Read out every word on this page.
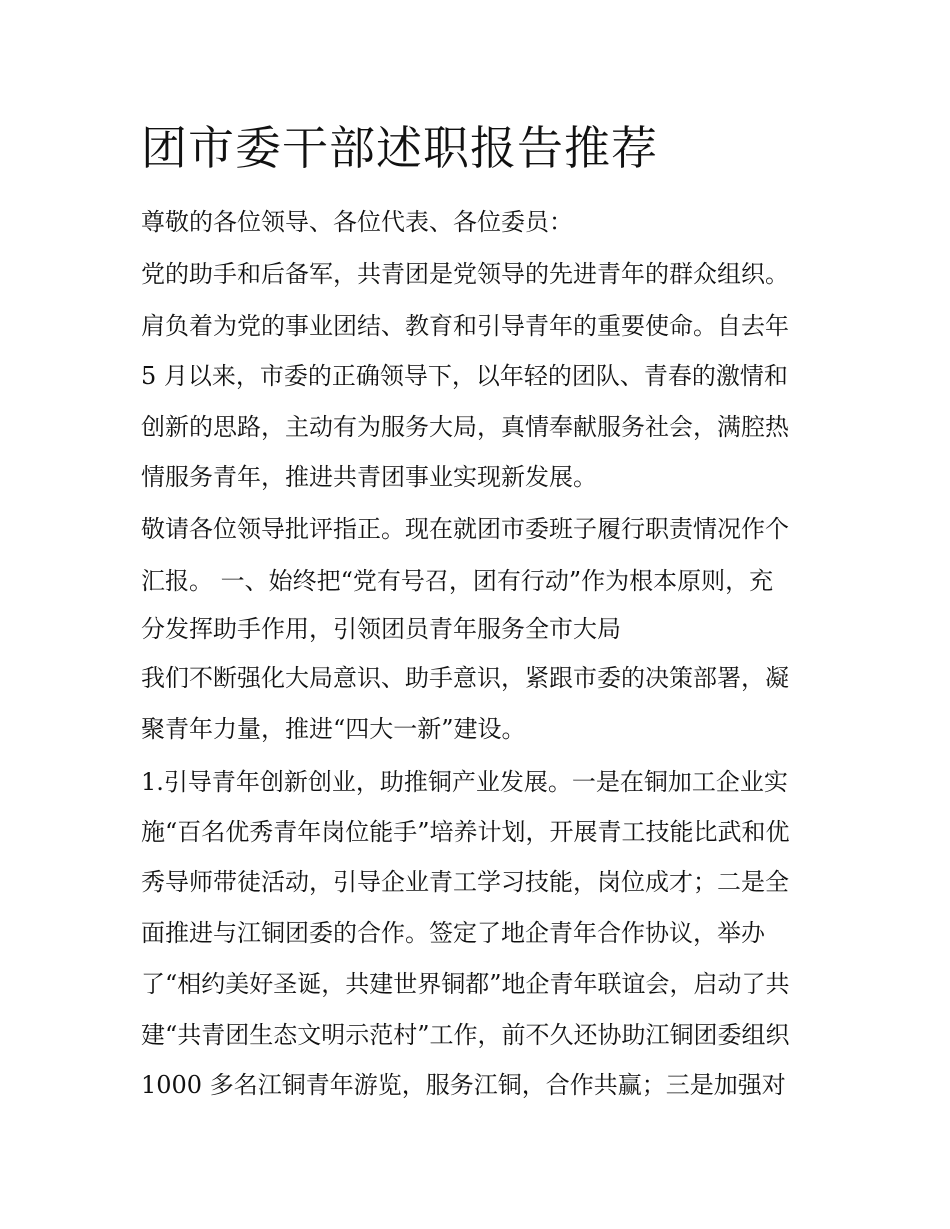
团市委干部述职报告推荐
尊敬的各位领导、各位代表、各位委员：
党的助手和后备军，共青团是党领导的先进青年的群众组织。
肩负着为党的事业团结、教育和引导青年的重要使命。自去年
5 月以来，市委的正确领导下，以年轻的团队、青春的激情和
创新的思路，主动有为服务大局，真情奉献服务社会，满腔热
情服务青年，推进共青团事业实现新发展。
敬请各位领导批评指正。现在就团市委班子履行职责情况作个
汇报。 一、始终把“党有号召，团有行动”作为根本原则，充
分发挥助手作用，引领团员青年服务全市大局
我们不断强化大局意识、助手意识，紧跟市委的决策部署，凝
聚青年力量，推进“四大一新”建设。
1.引导青年创新创业，助推铜产业发展。一是在铜加工企业实
施“百名优秀青年岗位能手”培养计划，开展青工技能比武和优
秀导师带徒活动，引导企业青工学习技能，岗位成才；二是全
面推进与江铜团委的合作。签定了地企青年合作协议，举办
了“相约美好圣诞，共建世界铜都”地企青年联谊会，启动了共
建“共青团生态文明示范村”工作，前不久还协助江铜团委组织
1000 多名江铜青年游览，服务江铜，合作共赢；三是加强对
